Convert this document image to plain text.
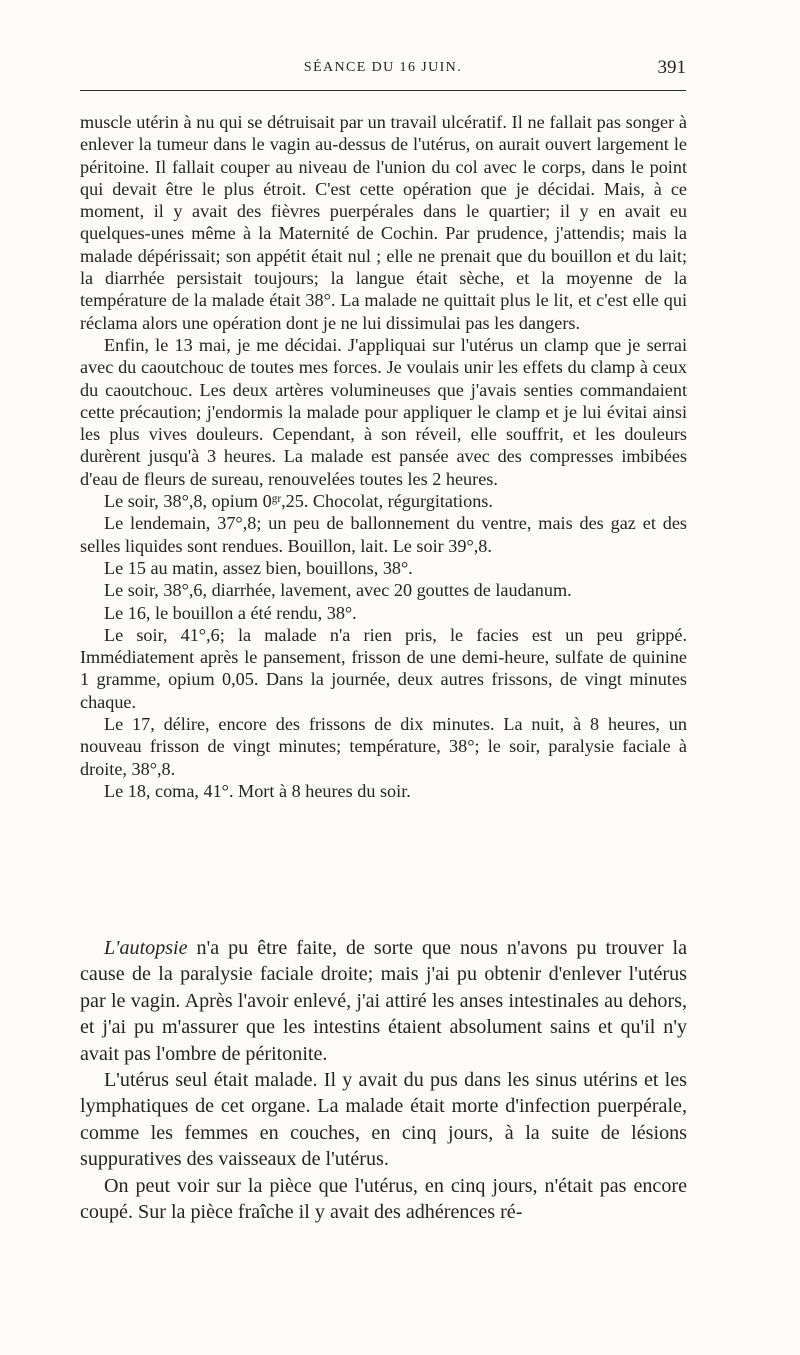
SÉANCE DU 16 JUIN.	391

muscle utérin à nu qui se détruisait par un travail ulcératif. Il ne fallait pas songer à enlever la tumeur dans le vagin au-dessus de l'utérus, on aurait ouvert largement le péritoine. Il fallait couper au niveau de l'union du col avec le corps, dans le point qui devait être le plus étroit. C'est cette opération que je décidai. Mais, à ce moment, il y avait des fièvres puerpérales dans le quartier; il y en avait eu quelques-unes même à la Maternité de Cochin. Par prudence, j'attendis; mais la malade dépérissait; son appétit était nul ; elle ne prenait que du bouillon et du lait; la diarrhée persistait toujours; la langue était sèche, et la moyenne de la température de la malade était 38°. La malade ne quittait plus le lit, et c'est elle qui réclama alors une opération dont je ne lui dissimulai pas les dangers.

Enfin, le 13 mai, je me décidai. J'appliquai sur l'utérus un clamp que je serrai avec du caoutchouc de toutes mes forces. Je voulais unir les effets du clamp à ceux du caoutchouc. Les deux artères volumineuses que j'avais senties commandaient cette précaution; j'endormis la malade pour appliquer le clamp et je lui évitai ainsi les plus vives douleurs. Cependant, à son réveil, elle souffrit, et les douleurs durèrent jusqu'à 3 heures. La malade est pansée avec des compresses imbibées d'eau de fleurs de sureau, renouvelées toutes les 2 heures.

Le soir, 38°,8, opium $0^{gr},25$. Chocolat, régurgitations.

Le lendemain, 37°,8; un peu de ballonnement du ventre, mais des gaz et des selles liquides sont rendues. Bouillon, lait. Le soir 39°,8.

Le 15 au matin, assez bien, bouillons, 38°.

Le soir, 38°,6, diarrhée, lavement, avec 20 gouttes de laudanum.

Le 16, le bouillon a été rendu, 38°.

Le soir, 41°,6; la malade n'a rien pris, le facies est un peu grippé. Immédiatement après le pansement, frisson de une demi-heure, sulfate de quinine 1 gramme, opium 0,05. Dans la journée, deux autres frissons, de vingt minutes chaque.

Le 17, délire, encore des frissons de dix minutes. La nuit, à 8 heures, un nouveau frisson de vingt minutes; température, 38°; le soir, paralysie faciale à droite, 38°,8.

Le 18, coma, 41°. Mort à 8 heures du soir.

L'autopsie n'a pu être faite, de sorte que nous n'avons pu trouver la cause de la paralysie faciale droite; mais j'ai pu obtenir d'enlever l'utérus par le vagin. Après l'avoir enlevé, j'ai attiré les anses intestinales au dehors, et j'ai pu m'assurer que les intestins étaient absolument sains et qu'il n'y avait pas l'ombre de péritonite.

L'utérus seul était malade. Il y avait du pus dans les sinus utérins et les lymphatiques de cet organe. La malade était morte d'infection puerpérale, comme les femmes en couches, en cinq jours, à la suite de lésions suppuratives des vaisseaux de l'utérus.

On peut voir sur la pièce que l'utérus, en cinq jours, n'était pas encore coupé. Sur la pièce fraîche il y avait des adhérences ré-
